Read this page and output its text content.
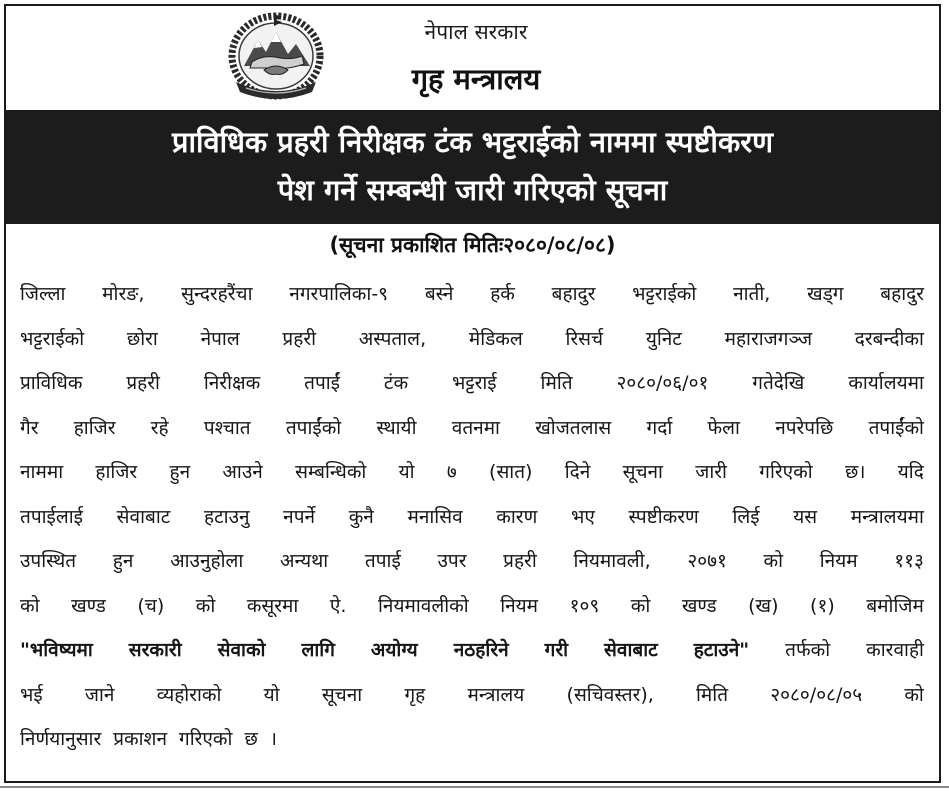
नेपाल सरकार
गृह मन्त्रालय
प्राविधिक प्रहरी निरीक्षक टंक भट्टराईको नाममा स्पष्टीकरण
पेश गर्ने सम्बन्धी जारी गरिएको सूचना
(सूचना प्रकाशित मितिः२०८०/०८/०८)
जिल्ला मोरङ, सुन्दरहरैंचा नगरपालिका-९ बस्ने हर्क बहादुर भट्टराईको नाती, खड्ग बहादुर
भट्टराईको छोरा नेपाल प्रहरी अस्पताल, मेडिकल रिसर्च युनिट महाराजगञ्ज दरबन्दीका
प्राविधिक प्रहरी निरीक्षक तपाईं टंक भट्टराई मिति २०८०/०६/०१ गतेदेखि कार्यालयमा
गैर हाजिर रहे पश्चात तपाईंको स्थायी वतनमा खोजतलास गर्दा फेला नपरेपछि तपाईंको
नाममा हाजिर हुन आउने सम्बन्धिको यो ७ (सात) दिने सूचना जारी गरिएको छ। यदि
तपाईलाई सेवाबाट हटाउनु नपर्ने कुनै मनासिव कारण भए स्पष्टीकरण लिई यस मन्त्रालयमा
उपस्थित हुन आउनुहोला अन्यथा तपाई उपर प्रहरी नियमावली, २०७१ को नियम ११३
को खण्ड (च) को कसूरमा ऐ. नियमावलीको नियम १०९ को खण्ड (ख) (१) बमोजिम
"भविष्यमा सरकारी सेवाको लागि अयोग्य नठहरिने गरी सेवाबाट हटाउने" तर्फको कारवाही
भई जाने व्यहोराको यो सूचना गृह मन्त्रालय (सचिवस्तर), मिति २०८०/०८/०५ को
निर्णयानुसार प्रकाशन गरिएको छ ।
